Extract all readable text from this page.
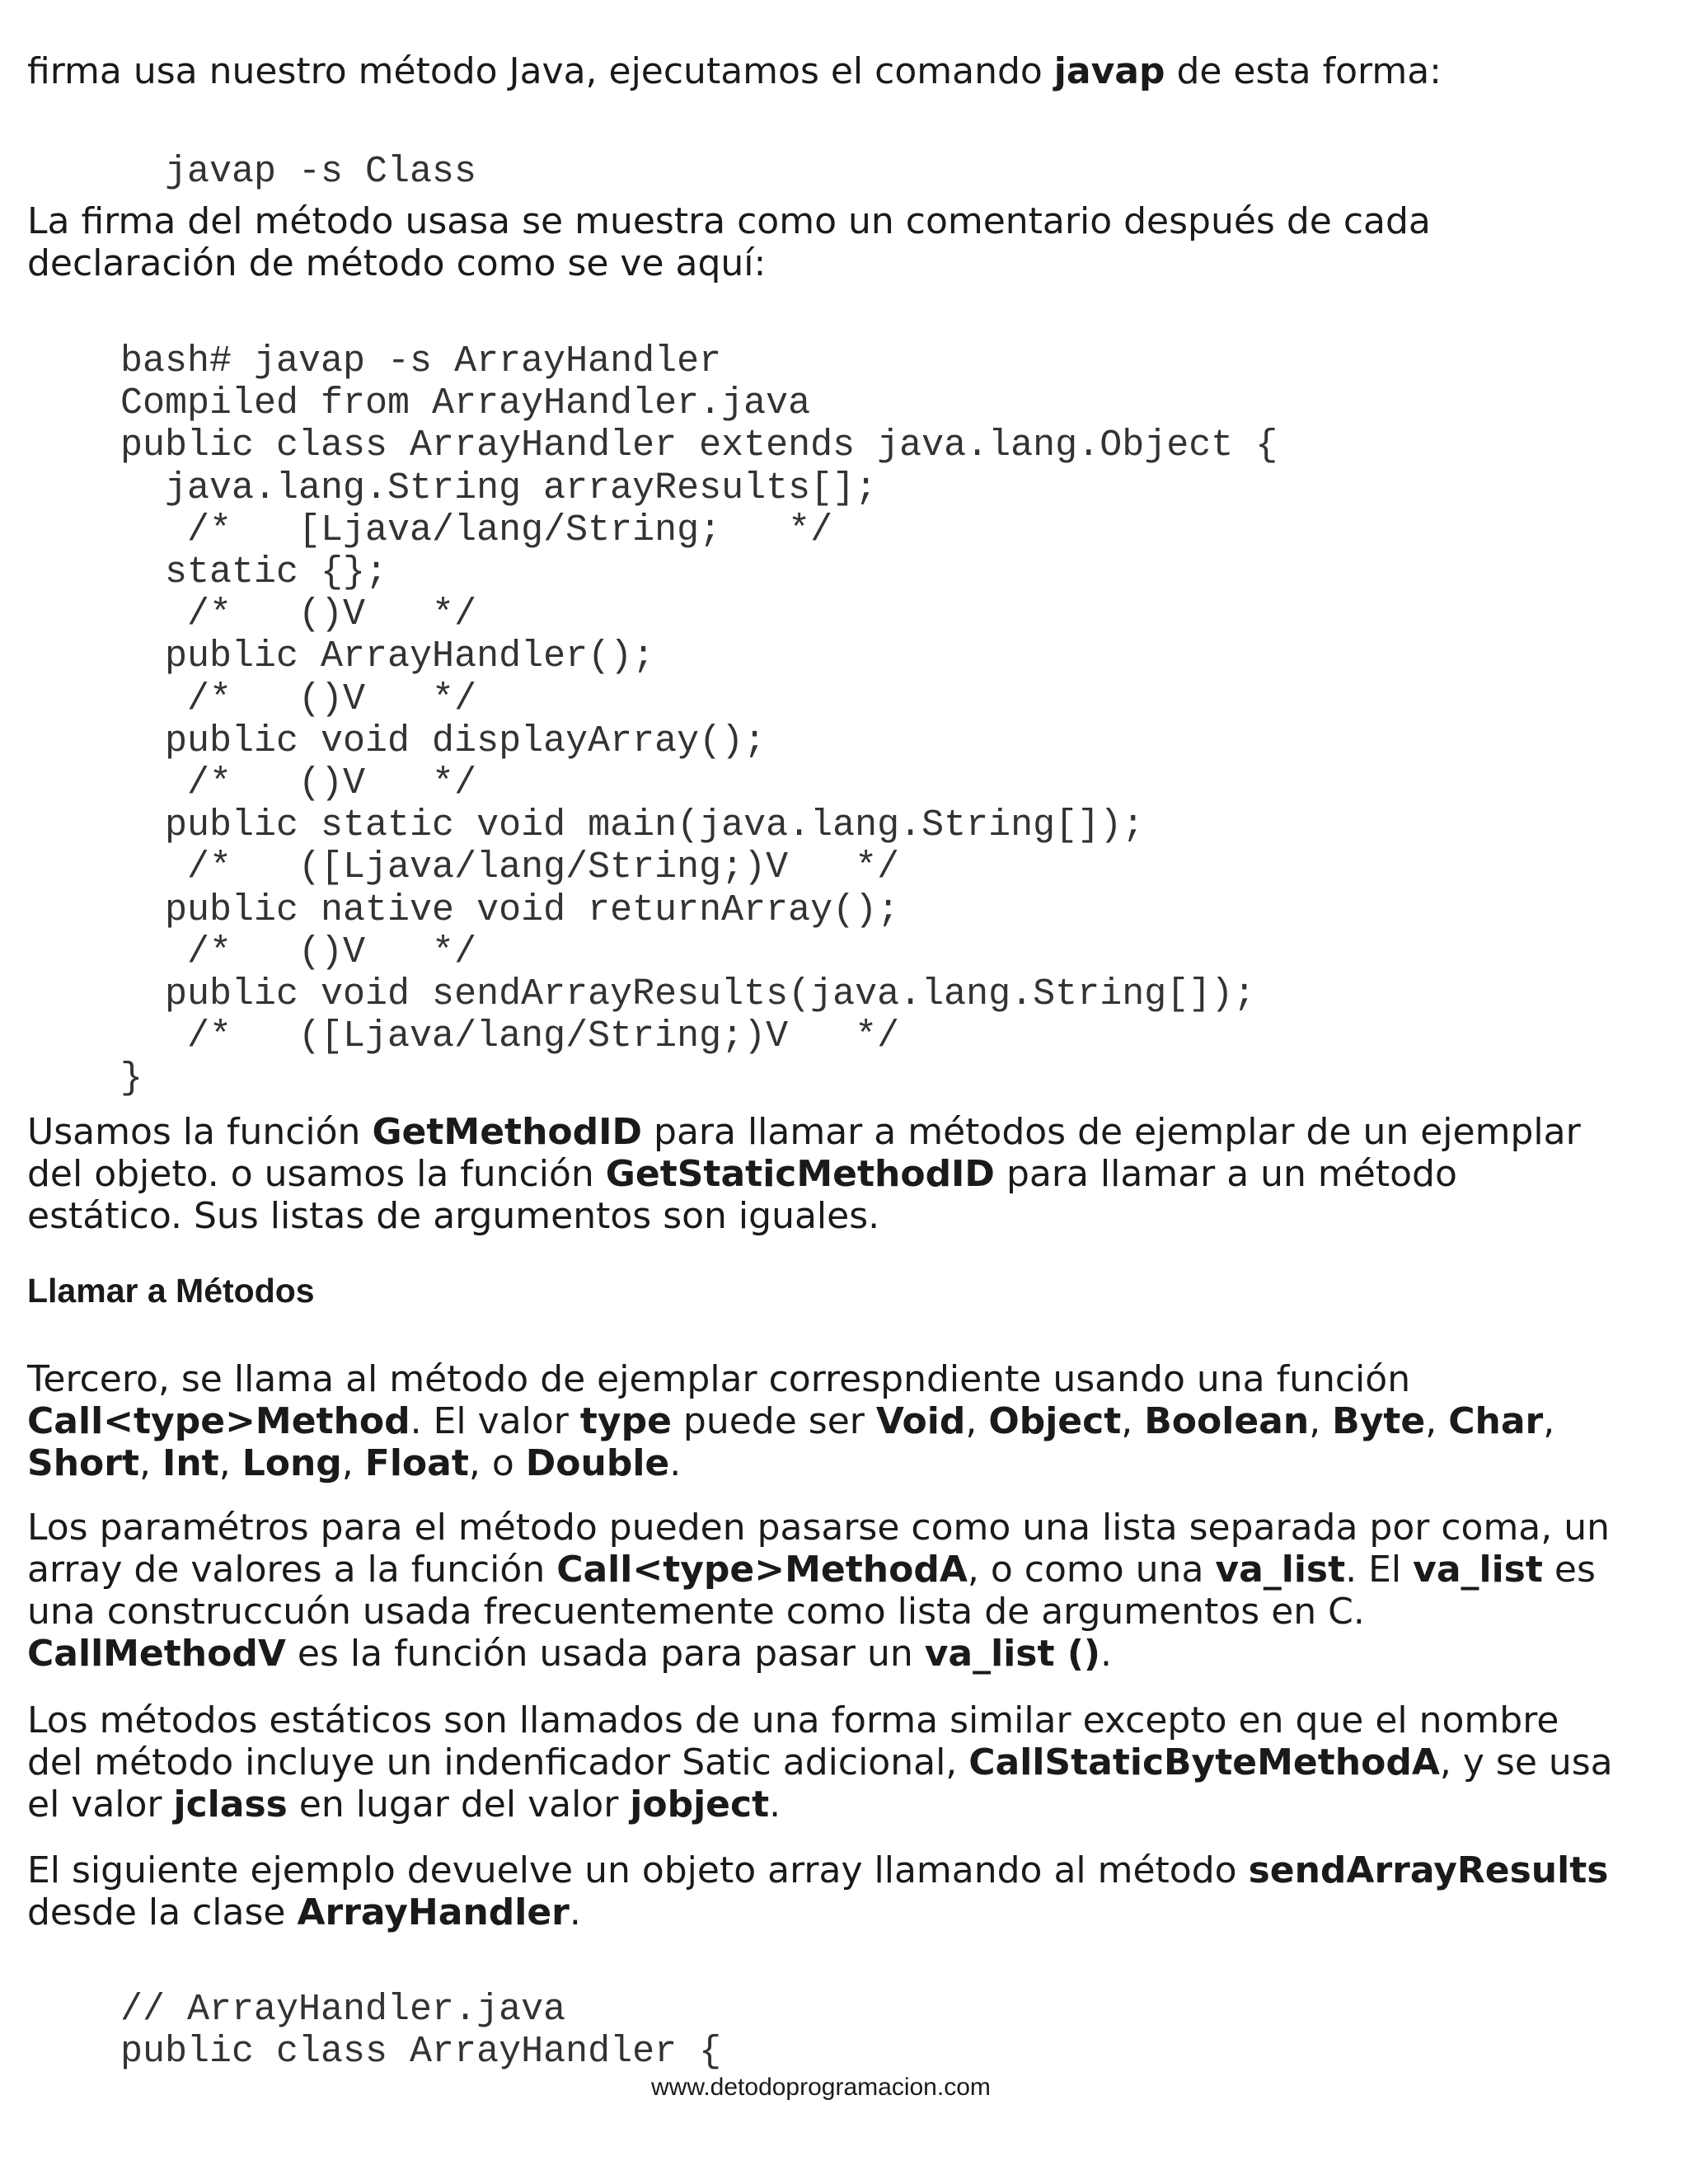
firma usa nuestro método Java, ejecutamos el comando javap de esta forma:

javap -s Class

La firma del método usasa se muestra como un comentario después de cada
declaración de método como se ve aquí:

bash# javap -s ArrayHandler
Compiled from ArrayHandler.java
public class ArrayHandler extends java.lang.Object {
java.lang.String arrayResults[];
/*   [Ljava/lang/String;   */
static {};
/*   ()V   */
public ArrayHandler();
/*   ()V   */
public void displayArray();
/*   ()V   */
public static void main(java.lang.String[]);
/*   ([Ljava/lang/String;)V   */
public native void returnArray();
/*   ()V   */
public void sendArrayResults(java.lang.String[]);
/*   ([Ljava/lang/String;)V   */
}

Usamos la función GetMethodID para llamar a métodos de ejemplar de un ejemplar
del objeto. o usamos la función GetStaticMethodID para llamar a un método
estático. Sus listas de argumentos son iguales.

Llamar a Métodos

Tercero, se llama al método de ejemplar correspndiente usando una función
Call<type>Method. El valor type puede ser Void, Object, Boolean, Byte, Char,
Short, Int, Long, Float, o Double.

Los paramétros para el método pueden pasarse como una lista separada por coma, un
array de valores a la función Call<type>MethodA, o como una va_list. El va_list es
una construccuón usada frecuentemente como lista de argumentos en C.
CallMethodV es la función usada para pasar un va_list ().

Los métodos estáticos son llamados de una forma similar excepto en que el nombre
del método incluye un indenficador Satic adicional, CallStaticByteMethodA, y se usa
el valor jclass en lugar del valor jobject.

El siguiente ejemplo devuelve un objeto array llamando al método sendArrayResults
desde la clase ArrayHandler.

// ArrayHandler.java
public class ArrayHandler {

www.detodoprogramacion.com
